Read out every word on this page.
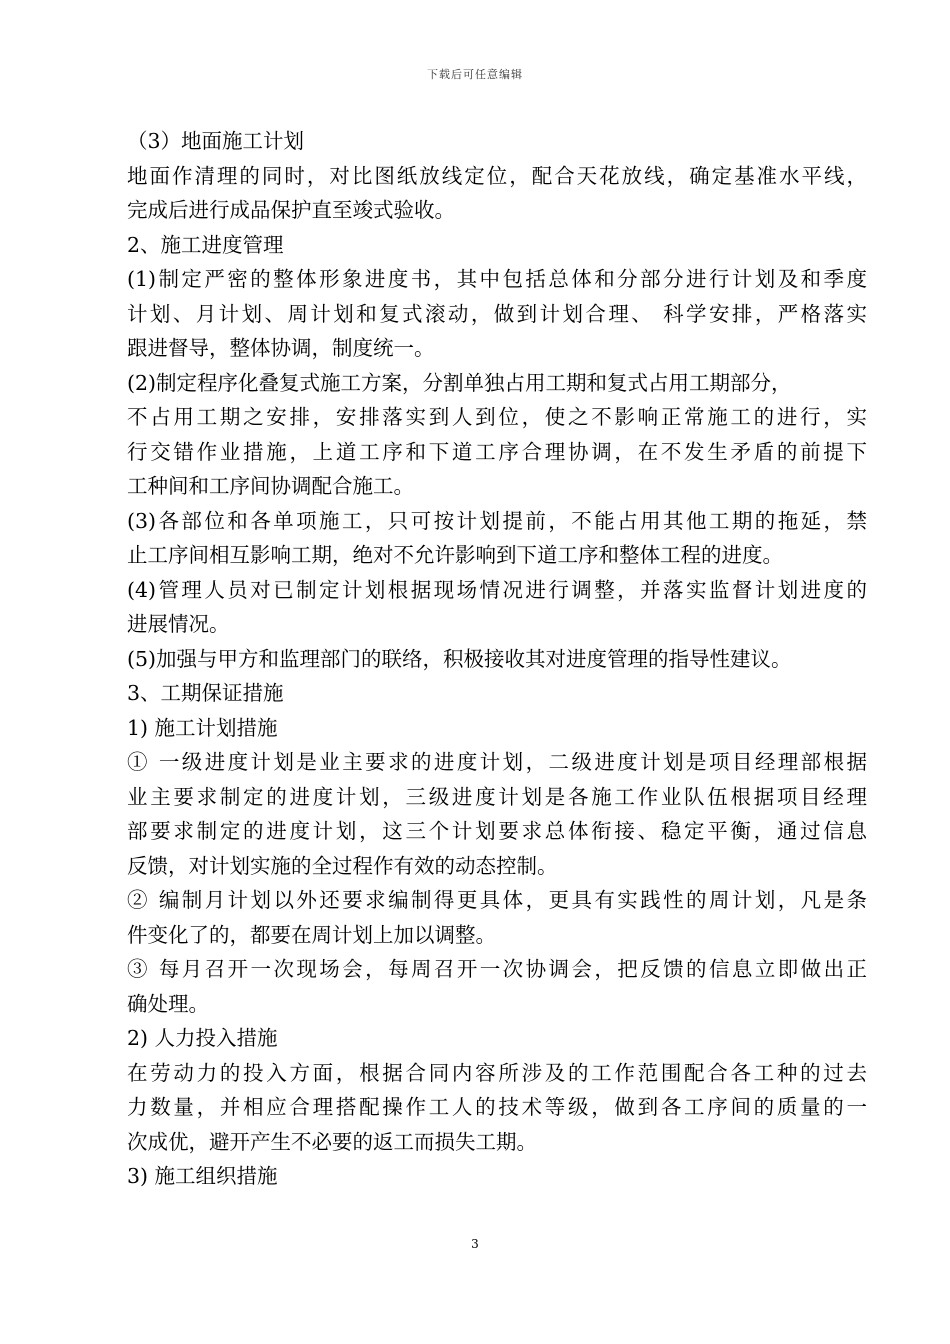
下载后可任意编辑
（3）地面施工计划
地面作清理的同时，对比图纸放线定位，配合天花放线，确定基准水平线，
完成后进行成品保护直至竣式验收。
2、施工进度管理
(1)制定严密的整体形象进度书，其中包括总体和分部分进行计划及和季度
计划、月计划、周计划和复式滚动，做到计划合理、 科学安排，严格落实
跟进督导，整体协调，制度统一。
(2)制定程序化叠复式施工方案，分割单独占用工期和复式占用工期部分，
不占用工期之安排，安排落实到人到位，使之不影响正常施工的进行，实
行交错作业措施，上道工序和下道工序合理协调，在不发生矛盾的前提下
工种间和工序间协调配合施工。
(3)各部位和各单项施工，只可按计划提前，不能占用其他工期的拖延，禁
止工序间相互影响工期，绝对不允许影响到下道工序和整体工程的进度。
(4)管理人员对已制定计划根据现场情况进行调整，并落实监督计划进度的
进展情况。
(5)加强与甲方和监理部门的联络，积极接收其对进度管理的指导性建议。
3、工期保证措施
1) 施工计划措施
① 一级进度计划是业主要求的进度计划，二级进度计划是项目经理部根据
业主要求制定的进度计划，三级进度计划是各施工作业队伍根据项目经理
部要求制定的进度计划，这三个计划要求总体衔接、稳定平衡，通过信息
反馈，对计划实施的全过程作有效的动态控制。
② 编制月计划以外还要求编制得更具体，更具有实践性的周计划，凡是条
件变化了的，都要在周计划上加以调整。
③ 每月召开一次现场会，每周召开一次协调会，把反馈的信息立即做出正
确处理。
2) 人力投入措施
在劳动力的投入方面，根据合同内容所涉及的工作范围配合各工种的过去
力数量，并相应合理搭配操作工人的技术等级，做到各工序间的质量的一
次成优，避开产生不必要的返工而损失工期。
3) 施工组织措施
3
